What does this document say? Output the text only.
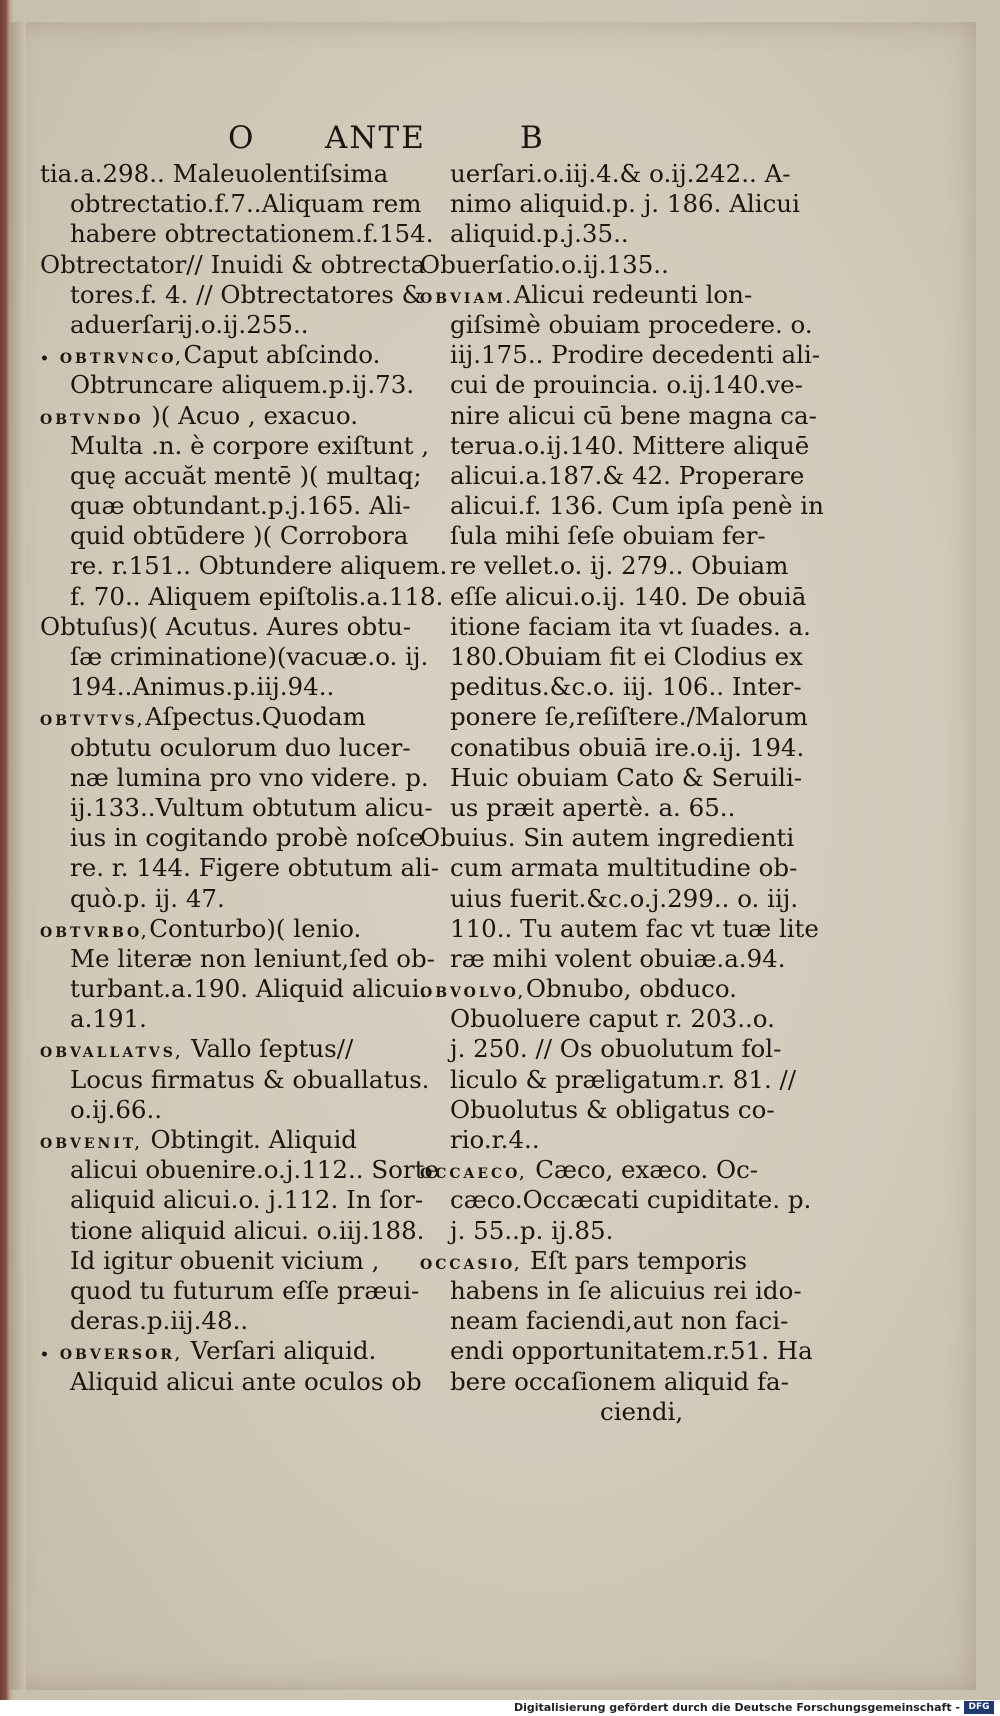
O ANTE	B
tia.a.298.. Maleuolentiſsima
obtrectatio.f.7..Aliquam rem
habere obtrectationem.f.154.
Obtrectator// Inuidi & obtrecta
tores.f. 4. // Obtrectatores &
aduerſarij.o.ij.255..
• OBTRVNCO,Caput abſcindo.
Obtruncare aliquem.p.ij.73.
OBTVNDO )( Acuo , exacuo.
Multa .n. è corpore exiſtunt ,
quę accuăt mentē )( multaq;
quæ obtundant.p.j.165. Ali-
quid obtūdere )( Corrobora
re. r.151.. Obtundere aliquem.
f. 70.. Aliquem epiſtolis.a.118.
Obtuſus)( Acutus. Aures obtu-
ſæ criminatione)(vacuæ.o. ij.
194..Animus.p.iij.94..
OBTVTVS,Aſpectus.Quodam
obtutu oculorum duo lucer-
næ lumina pro vno videre. p.
ij.133..Vultum obtutum alicu-
ius in cogitando probè noſce
re. r. 144. Figere obtutum ali-
quò.p. ij. 47.
OBTVRBO,Conturbo)( lenio.
Me literæ non leniunt,ſed ob-
turbant.a.190. Aliquid alicui.
a.191.
OBVALLATVS, Vallo ſeptus//
Locus firmatus & obuallatus.
o.ij.66..
OBVENIT, Obtingit. Aliquid
alicui obuenire.o.j.112.. Sorte
aliquid alicui.o. j.112. In ſor-
tione aliquid alicui. o.iij.188.
Id igitur obuenit vicium ,
quod tu futurum eſſe præui-
deras.p.iij.48..
• OBVERSOR, Verſari aliquid.
Aliquid alicui ante oculos ob
uerſari.o.iij.4.& o.ij.242.. A-
nimo aliquid.p. j. 186. Alicui
aliquid.p.j.35..
Obuerſatio.o.ij.135..
OBVIAM.Alicui redeunti lon-
giſsimè obuiam procedere. o.
iij.175.. Prodire decedenti ali-
cui de prouincia. o.ij.140.ve-
nire alicui cū bene magna ca-
terua.o.ij.140. Mittere aliquē
alicui.a.187.& 42. Properare
alicui.f. 136. Cum ipſa penè in
ſula mihi ſeſe obuiam fer-
re vellet.o. ij. 279.. Obuiam
eſſe alicui.o.ij. 140. De obuiā
itione faciam ita vt ſuades. a.
180.Obuiam fit ei Clodius ex
peditus.&c.o. iij. 106.. Inter-
ponere ſe,reſiſtere./Malorum
conatibus obuiā ire.o.ij. 194.
Huic obuiam Cato & Seruili-
us præit apertè. a. 65..
Obuius. Sin autem ingredienti
cum armata multitudine ob-
uius fuerit.&c.o.j.299.. o. iij.
110.. Tu autem fac vt tuæ lite
ræ mihi volent obuiæ.a.94.
OBVOLVO,Obnubo, obduco.
Obuoluere caput r. 203..o.
j. 250. // Os obuolutum fol-
liculo & præligatum.r. 81. //
Obuolutus & obligatus co-
rio.r.4..
OCCAECO, Cæco, exæco. Oc-
cæco.Occæcati cupiditate. p.
j. 55..p. ij.85.
OCCASIO, Eſt pars temporis
habens in ſe alicuius rei ido-
neam faciendi,aut non faci-
endi opportunitatem.r.51. Ha
bere occaſionem aliquid fa-
ciendi,
Digitalisierung gefördert durch die Deutsche Forschungsgemeinschaft - DFG
